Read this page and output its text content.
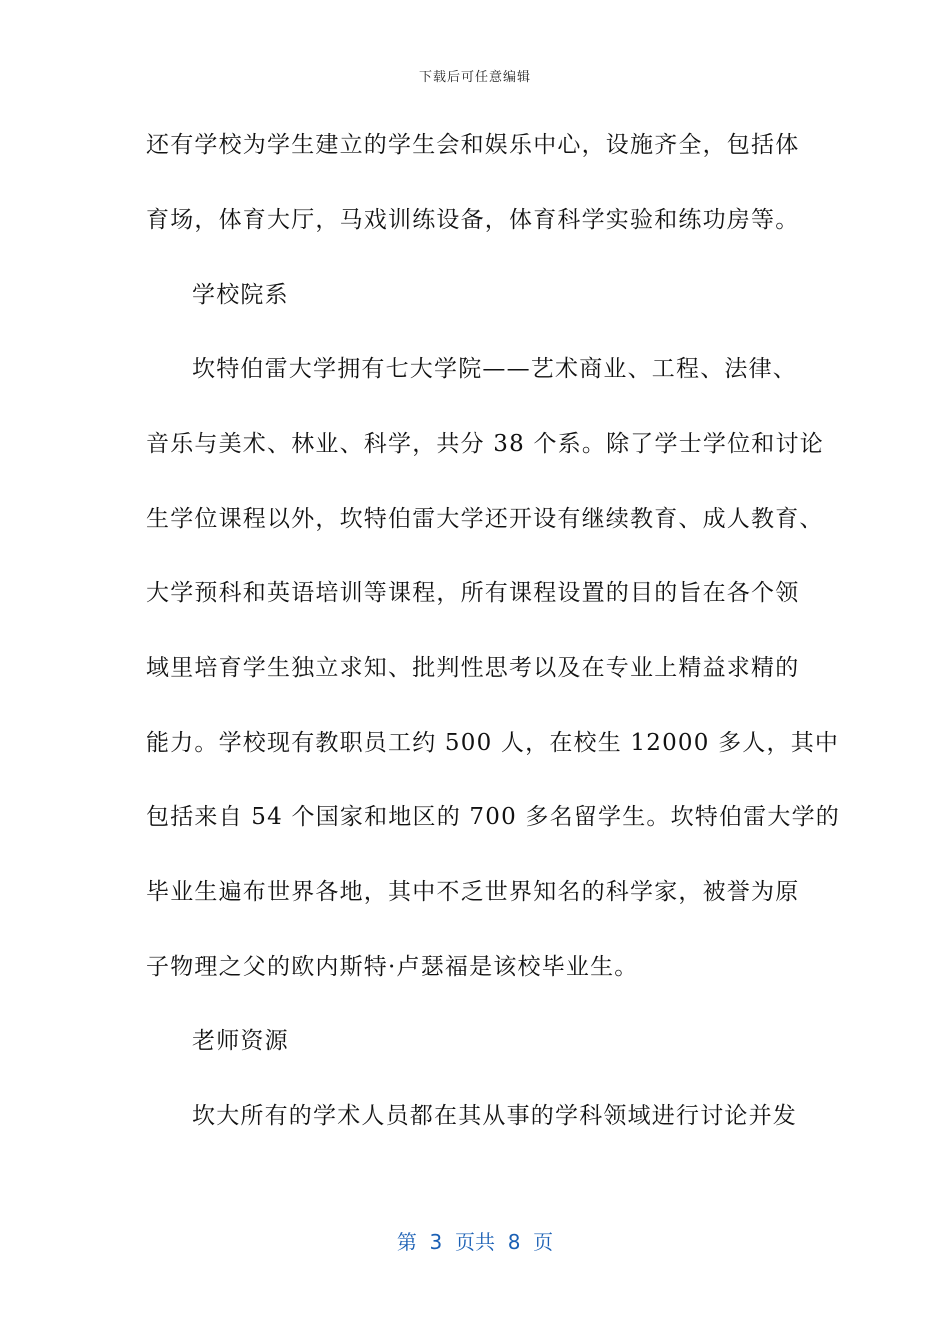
下载后可任意编辑
还有学校为学生建立的学生会和娱乐中心，设施齐全，包括体
育场，体育大厅，马戏训练设备，体育科学实验和练功房等。
学校院系
坎特伯雷大学拥有七大学院——艺术商业、工程、法律、
音乐与美术、林业、科学，共分 38 个系。除了学士学位和讨论
生学位课程以外，坎特伯雷大学还开设有继续教育、成人教育、
大学预科和英语培训等课程，所有课程设置的目的旨在各个领
域里培育学生独立求知、批判性思考以及在专业上精益求精的
能力。学校现有教职员工约 500 人，在校生 12000 多人，其中
包括来自 54 个国家和地区的 700 多名留学生。坎特伯雷大学的
毕业生遍布世界各地，其中不乏世界知名的科学家，被誉为原
子物理之父的欧内斯特·卢瑟福是该校毕业生。
老师资源
坎大所有的学术人员都在其从事的学科领域进行讨论并发
第  3  页共  8  页
